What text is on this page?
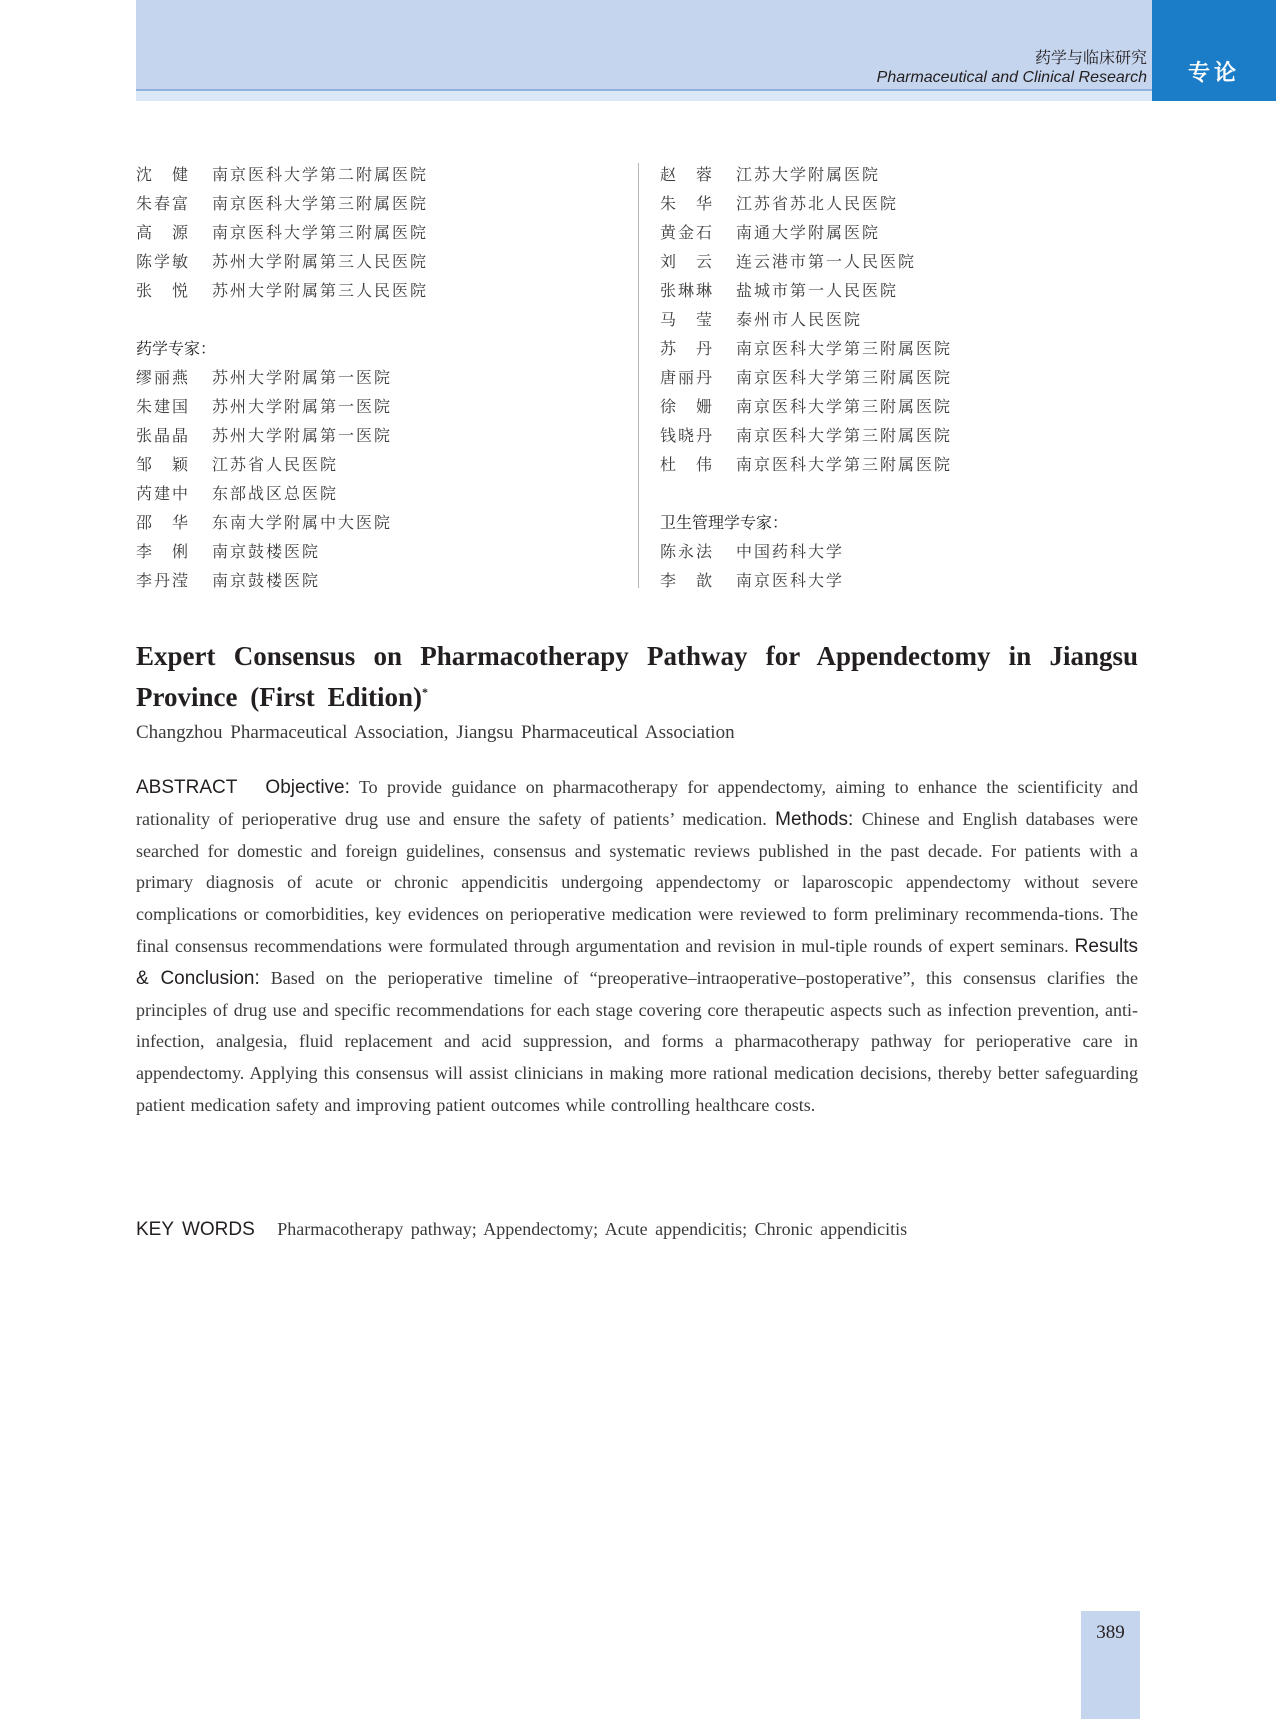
专论
药学与临床研究
Pharmaceutical and Clinical Research
沈　健	南京医科大学第二附属医院
朱春富	南京医科大学第三附属医院
高　源	南京医科大学第三附属医院
陈学敏	苏州大学附属第三人民医院
张　悦	苏州大学附属第三人民医院
药学专家：
缪丽燕	苏州大学附属第一医院
朱建国	苏州大学附属第一医院
张晶晶	苏州大学附属第一医院
邹　颖	江苏省人民医院
芮建中	东部战区总医院
邵　华	东南大学附属中大医院
李　俐	南京鼓楼医院
李丹滢	南京鼓楼医院
赵　蓉	江苏大学附属医院
朱　华	江苏省苏北人民医院
黄金石	南通大学附属医院
刘　云	连云港市第一人民医院
张琳琳	盐城市第一人民医院
马　莹	泰州市人民医院
苏　丹	南京医科大学第三附属医院
唐丽丹	南京医科大学第三附属医院
徐　姗	南京医科大学第三附属医院
钱晓丹	南京医科大学第三附属医院
杜　伟	南京医科大学第三附属医院
卫生管理学专家：
陈永法	中国药科大学
李　歆	南京医科大学
Expert Consensus on Pharmacotherapy Pathway for Appendectomy in Jiangsu Province (First Edition)*
Changzhou Pharmaceutical Association, Jiangsu Pharmaceutical Association

ABSTRACT Objective: To provide guidance on pharmacotherapy for appendectomy, aiming to enhance the scientificity and rationality of perioperative drug use and ensure the safety of patients’ medication. Methods: Chinese and English databases were searched for domestic and foreign guidelines, consensus and systematic reviews published in the past decade. For patients with a primary diagnosis of acute or chronic appendicitis undergoing appendectomy or laparoscopic appendectomy without severe complications or comorbidities, key evidences on perioperative medication were reviewed to form preliminary recommenda-tions. The final consensus recommendations were formulated through argumentation and revision in mul-tiple rounds of expert seminars. Results & Conclusion: Based on the perioperative timeline of “preoperative–intraoperative–postoperative”, this consensus clarifies the principles of drug use and specific recommendations for each stage covering core therapeutic aspects such as infection prevention, anti-infection, analgesia, fluid replacement and acid suppression, and forms a pharmacotherapy pathway for perioperative care in appendectomy. Applying this consensus will assist clinicians in making more rational medication decisions, thereby better safeguarding patient medication safety and improving patient outcomes while controlling healthcare costs.

KEY WORDS Pharmacotherapy pathway; Appendectomy; Acute appendicitis; Chronic appendicitis

389
